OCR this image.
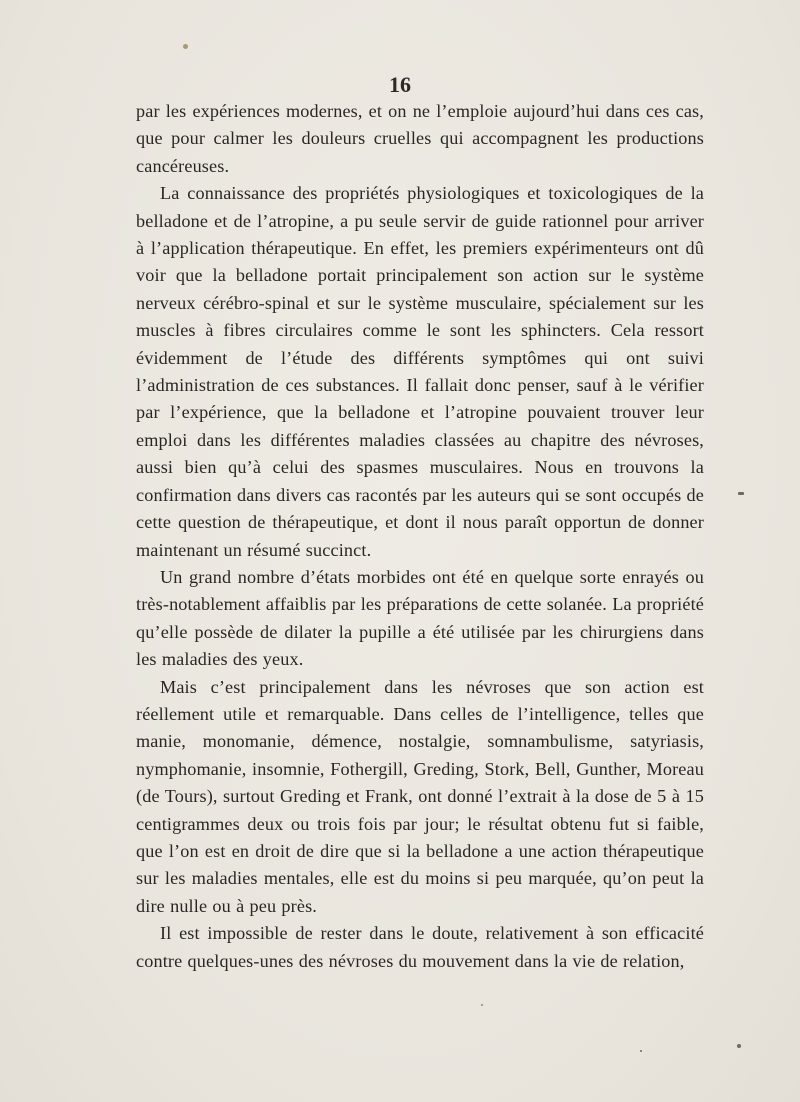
16

par les expériences modernes, et on ne l’emploie aujourd’hui dans ces cas, que pour calmer les douleurs cruelles qui accompagnent les productions cancéreuses.

La connaissance des propriétés physiologiques et toxicologiques de la belladone et de l’atropine, a pu seule servir de guide rationnel pour arriver à l’application thérapeutique. En effet, les premiers expérimenteurs ont dû voir que la belladone portait principalement son action sur le système nerveux cérébro-spinal et sur le système musculaire, spécialement sur les muscles à fibres circulaires comme le sont les sphincters. Cela ressort évidemment de l’étude des différents symptômes qui ont suivi l’administration de ces substances. Il fallait donc penser, sauf à le vérifier par l’expérience, que la belladone et l’atropine pouvaient trouver leur emploi dans les différentes maladies classées au chapitre des névroses, aussi bien qu’à celui des spasmes musculaires. Nous en trouvons la confirmation dans divers cas racontés par les auteurs qui se sont occupés de cette question de thérapeutique, et dont il nous paraît opportun de donner maintenant un résumé succinct.

Un grand nombre d’états morbides ont été en quelque sorte enrayés ou très-notablement affaiblis par les préparations de cette solanée. La propriété qu’elle possède de dilater la pupille a été utilisée par les chirurgiens dans les maladies des yeux.

Mais c’est principalement dans les névroses que son action est réellement utile et remarquable. Dans celles de l’intelligence, telles que manie, monomanie, démence, nostalgie, somnambulisme, satyriasis, nymphomanie, insomnie, Fothergill, Greding, Stork, Bell, Gunther, Moreau (de Tours), surtout Greding et Frank, ont donné l’extrait à la dose de 5 à 15 centigrammes deux ou trois fois par jour; le résultat obtenu fut si faible, que l’on est en droit de dire que si la belladone a une action thérapeutique sur les maladies mentales, elle est du moins si peu marquée, qu’on peut la dire nulle ou à peu près.

Il est impossible de rester dans le doute, relativement à son efficacité contre quelques-unes des névroses du mouvement dans la vie de relation,
